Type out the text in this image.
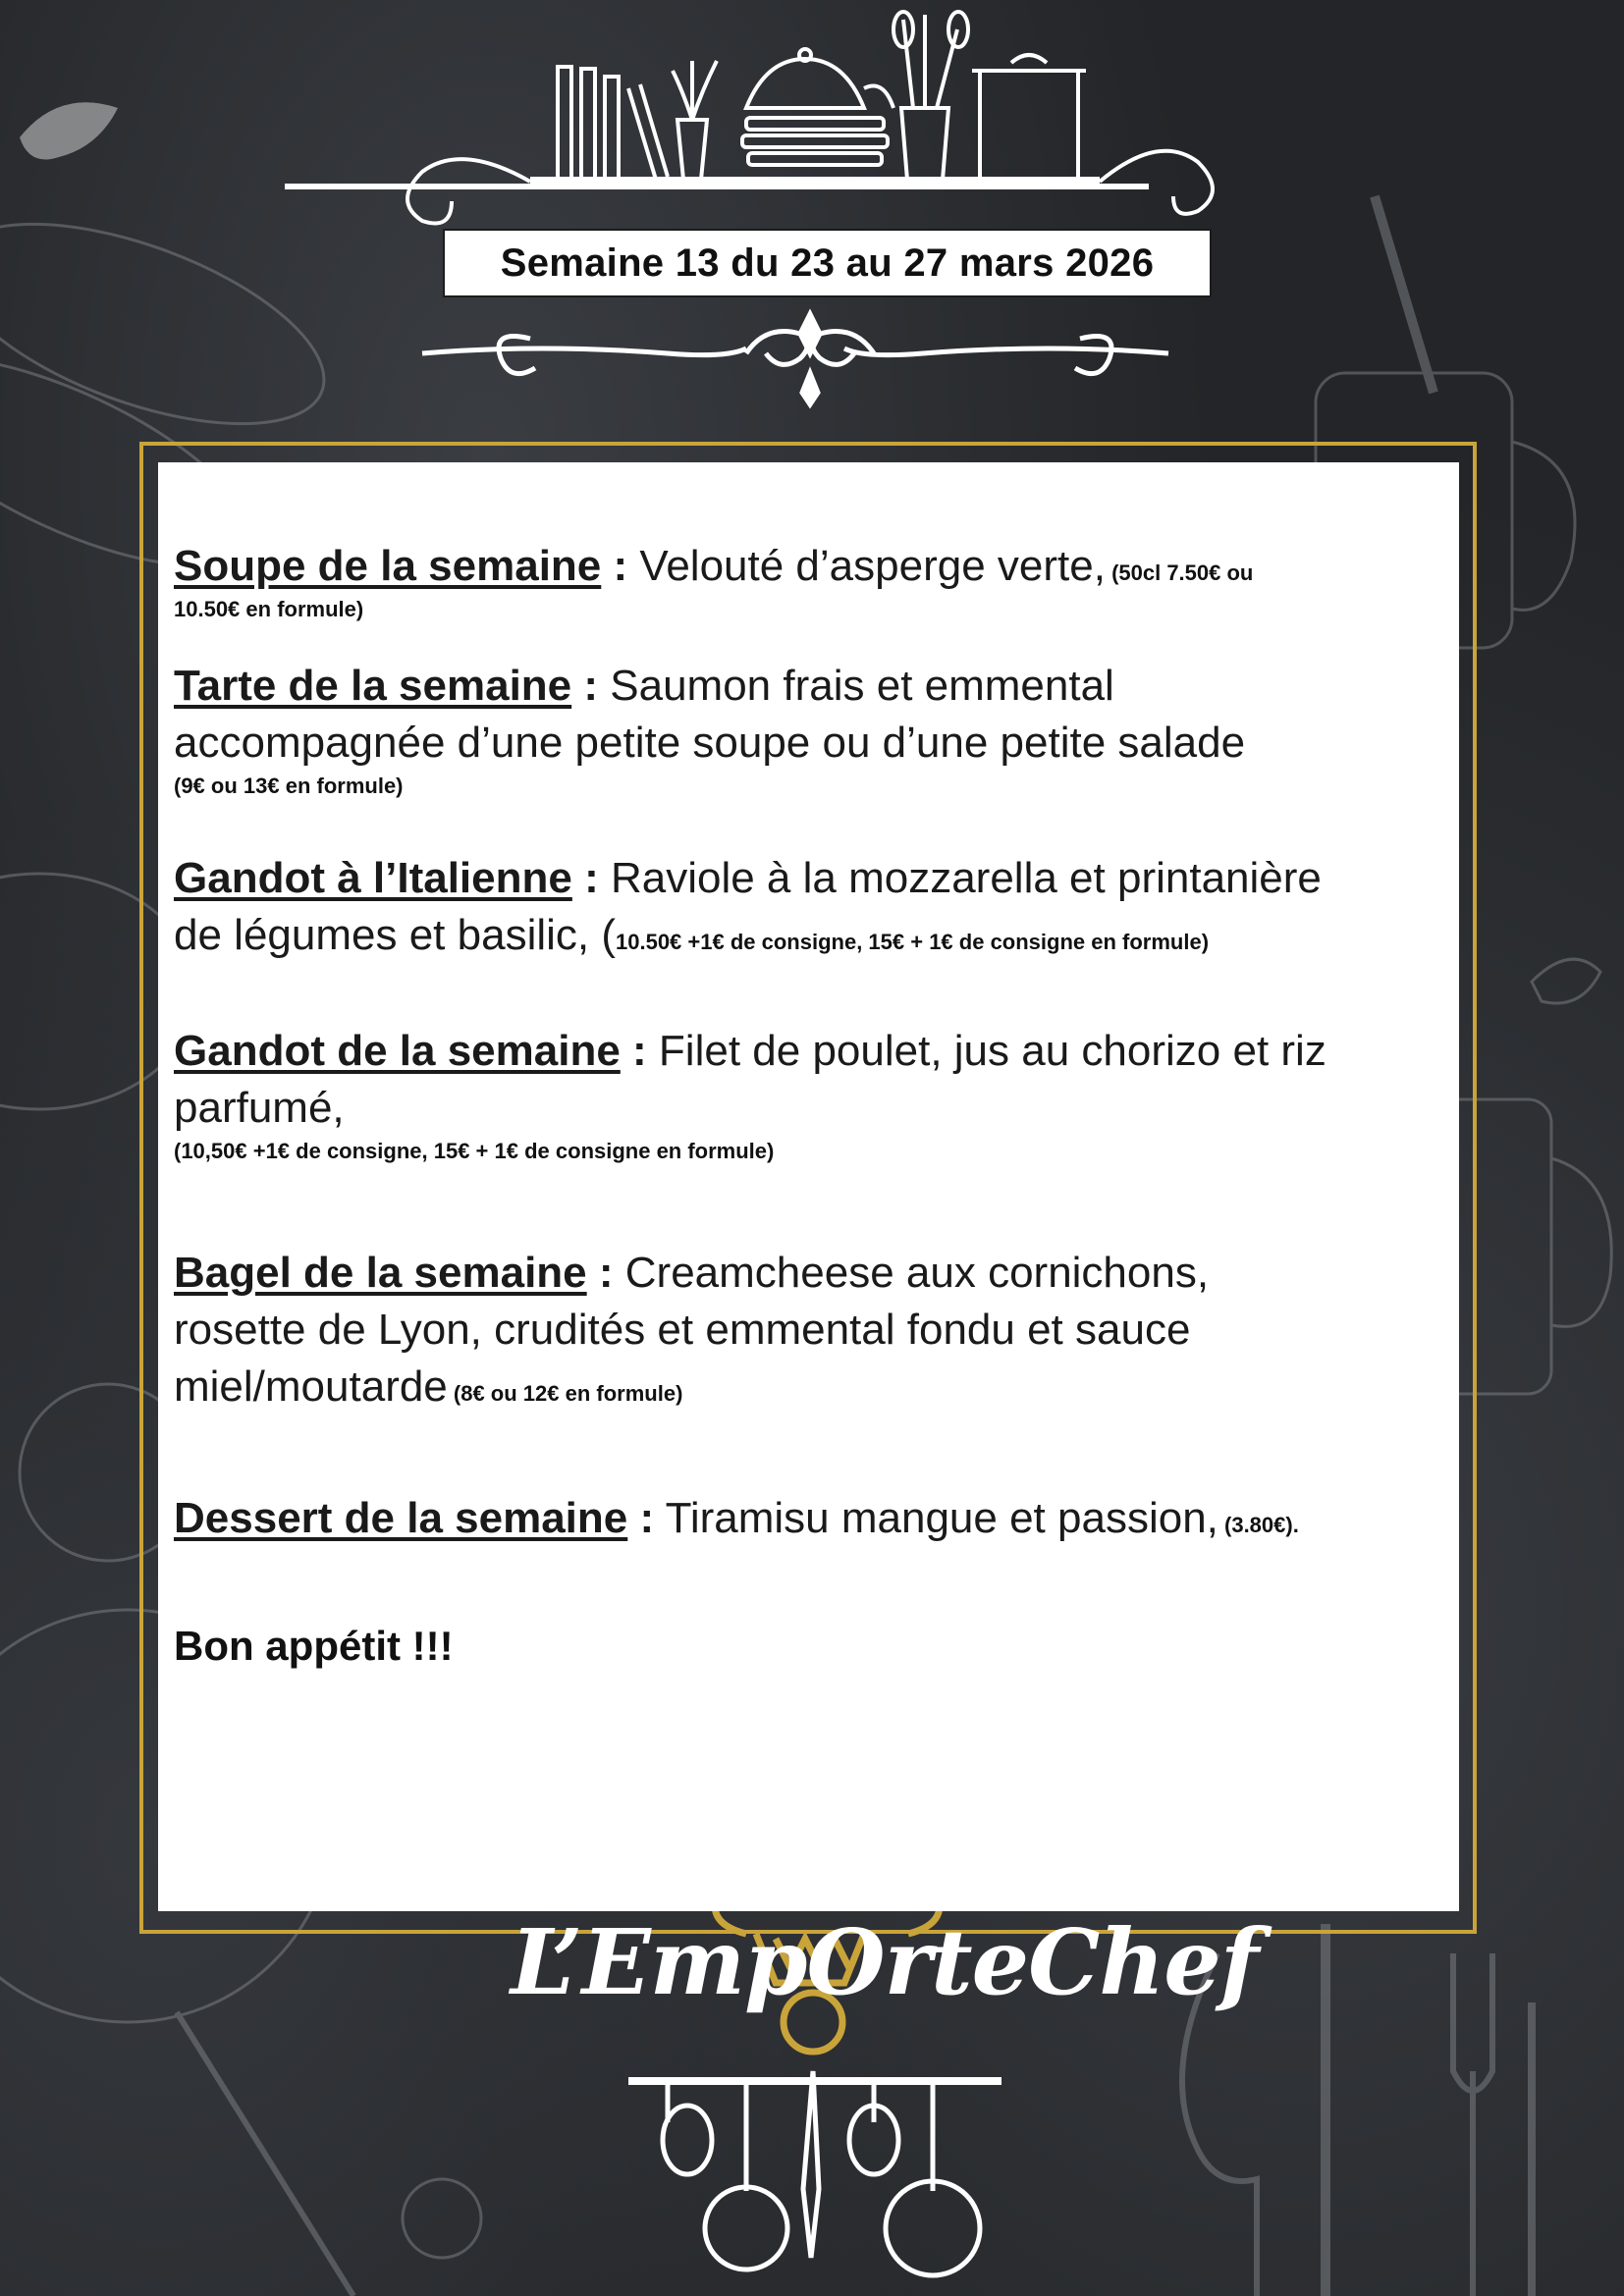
Semaine 13 du 23 au 27 mars 2026
Soupe de la semaine : Velouté d’asperge verte, (50cl 7.50€ ou
10.50€ en formule)
Tarte de la semaine : Saumon frais et emmental
accompagnée d’une petite soupe ou d’une petite salade
(9€ ou 13€ en formule)
Gandot à l’Italienne : Raviole à la mozzarella et printanière
de légumes et basilic, (10.50€ +1€ de consigne, 15€ + 1€ de consigne en formule)
Gandot de la semaine : Filet de poulet, jus au chorizo et riz
parfumé,
(10,50€ +1€ de consigne, 15€ + 1€ de consigne en formule)
Bagel de la semaine : Creamcheese aux cornichons,
rosette de Lyon, crudités et emmental fondu et sauce
miel/moutarde (8€ ou 12€ en formule)
Dessert de la semaine : Tiramisu mangue et passion, (3.80€).
Bon appétit !!!
L’EmpOrteChef
